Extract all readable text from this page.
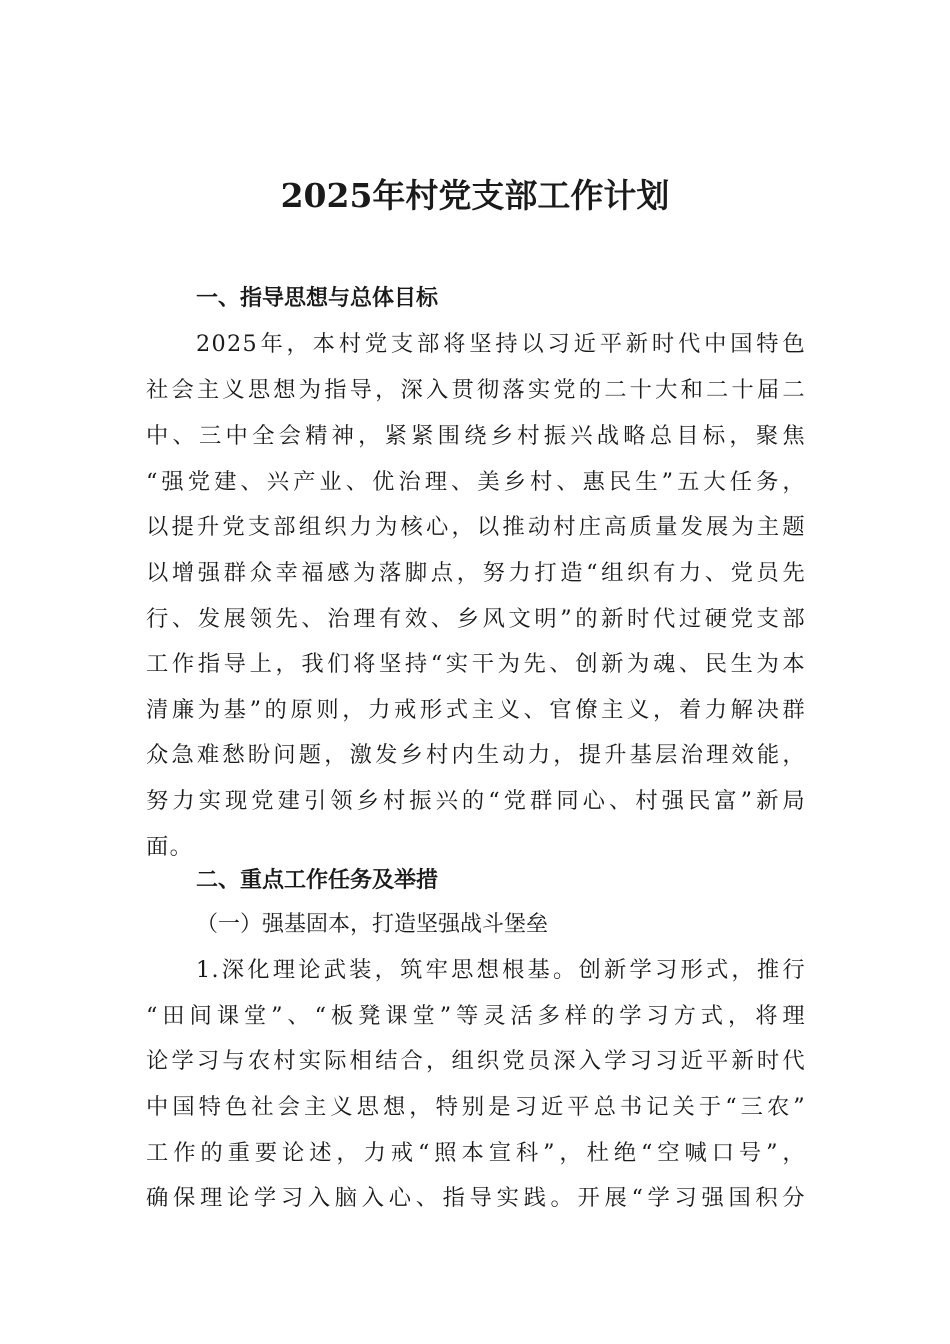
2025年村党支部工作计划
一、指导思想与总体目标
2025年，本村党支部将坚持以习近平新时代中国特色
社会主义思想为指导，深入贯彻落实党的二十大和二十届二
中、三中全会精神，紧紧围绕乡村振兴战略总目标，聚焦
“强党建、兴产业、优治理、美乡村、惠民生”五大任务，
以提升党支部组织力为核心，以推动村庄高质量发展为主题
以增强群众幸福感为落脚点，努力打造“组织有力、党员先
行、发展领先、治理有效、乡风文明”的新时代过硬党支部
工作指导上，我们将坚持“实干为先、创新为魂、民生为本
清廉为基”的原则，力戒形式主义、官僚主义，着力解决群
众急难愁盼问题，激发乡村内生动力，提升基层治理效能，
努力实现党建引领乡村振兴的“党群同心、村强民富”新局
面。
二、重点工作任务及举措
（一）强基固本，打造坚强战斗堡垒
1.深化理论武装，筑牢思想根基。创新学习形式，推行
“田间课堂”、“板凳课堂”等灵活多样的学习方式，将理
论学习与农村实际相结合，组织党员深入学习习近平新时代
中国特色社会主义思想，特别是习近平总书记关于“三农”
工作的重要论述，力戒“照本宣科”，杜绝“空喊口号”，
确保理论学习入脑入心、指导实践。开展“学习强国积分
